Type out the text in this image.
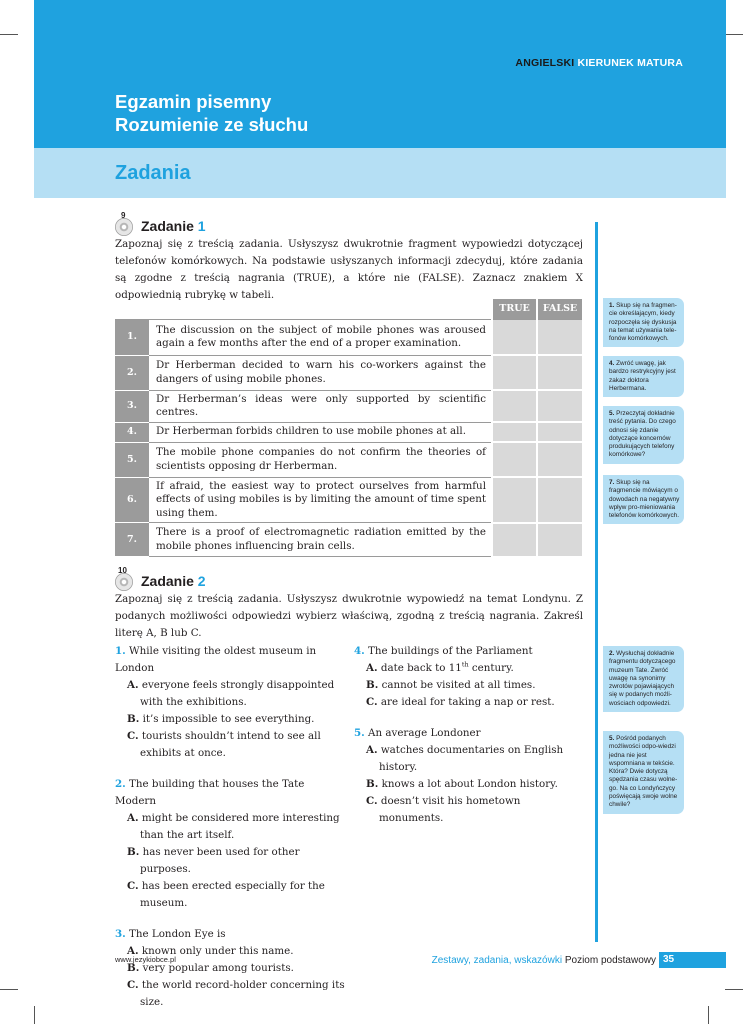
ANGIELSKI KIERUNEK MATURA
Egzamin pisemny
Rozumienie ze słuchu
Zadania
9
Zadanie 1
Zapoznaj się z treścią zadania. Usłyszysz dwukrotnie fragment wypowiedzi dotyczącej telefonów komórkowych. Na podstawie usłyszanych informacji zdecyduj, które zadania są zgodne z treścią nagrania (TRUE), a które nie (FALSE). Zaznacz znakiem X odpowiednią rubrykę w tabeli.
		TRUE	FALSE
1.	The discussion on the subject of mobile phones was aroused again a few months after the end of a proper examination.		
2.	Dr Herberman decided to warn his co-workers against the dangers of using mobile phones.		
3.	Dr Herberman’s ideas were only supported by scientific centres.		
4.	Dr Herberman forbids children to use mobile phones at all.		
5.	The mobile phone companies do not confirm the theories of scientists opposing dr Herberman.		
6.	If afraid, the easiest way to protect ourselves from harmful effects of using mobiles is by limiting the amount of time spent using them.		
7.	There is a proof of electromagnetic radiation emitted by the mobile phones influencing brain cells.		
10
Zadanie 2
Zapoznaj się z treścią zadania. Usłyszysz dwukrotnie wypowiedź na temat Londynu. Z podanych możliwości odpowiedzi wybierz właściwą, zgodną z treścią nagrania. Zakreśl literę A, B lub C.
1. While visiting the oldest museum in London
A. everyone feels strongly disappointed with the exhibitions.
B. it’s impossible to see everything.
C. tourists shouldn’t intend to see all exhibits at once.
2. The building that houses the Tate Modern
A. might be considered more interesting than the art itself.
B. has never been used for other purposes.
C. has been erected especially for the museum.
3. The London Eye is
A. known only under this name.
B. very popular among tourists.
C. the world record-holder concerning its size.
4. The buildings of the Parliament
A. date back to 11th century.
B. cannot be visited at all times.
C. are ideal for taking a nap or rest.
5. An average Londoner
A. watches documentaries on English history.
B. knows a lot about London history.
C. doesn’t visit his hometown monuments.
1. Skup się na fragmen-cie określającym, kiedy rozpoczęła się dyskusja na temat używania tele-fonów komórkowych.
4. Zwróć uwagę, jak bardzo restrykcyjny jest zakaz doktora Herbermana.
5. Przeczytaj dokładnie treść pytania. Do czego odnosi się zdanie dotyczące koncernów produkujących telefony komórkowe?
7. Skup się na fragmencie mówiącym o dowodach na negatywny wpływ pro-mieniowania telefonów komórkowych.
2. Wysłuchaj dokładnie fragmentu dotyczącego muzeum Tate. Zwróć uwagę na synonimy zwrotów pojawiających się w podanych możli-wościach odpowiedzi.
5. Pośród podanych możliwości odpo-wiedzi jedna nie jest wspomniana w tekście. Która? Dwie dotyczą spędzania czasu wolne-go. Na co Londyńczycy poświęcają swoje wolne chwile?
www.jezykiobce.pl	Zestawy, zadania, wskazówki Poziom podstawowy 35
